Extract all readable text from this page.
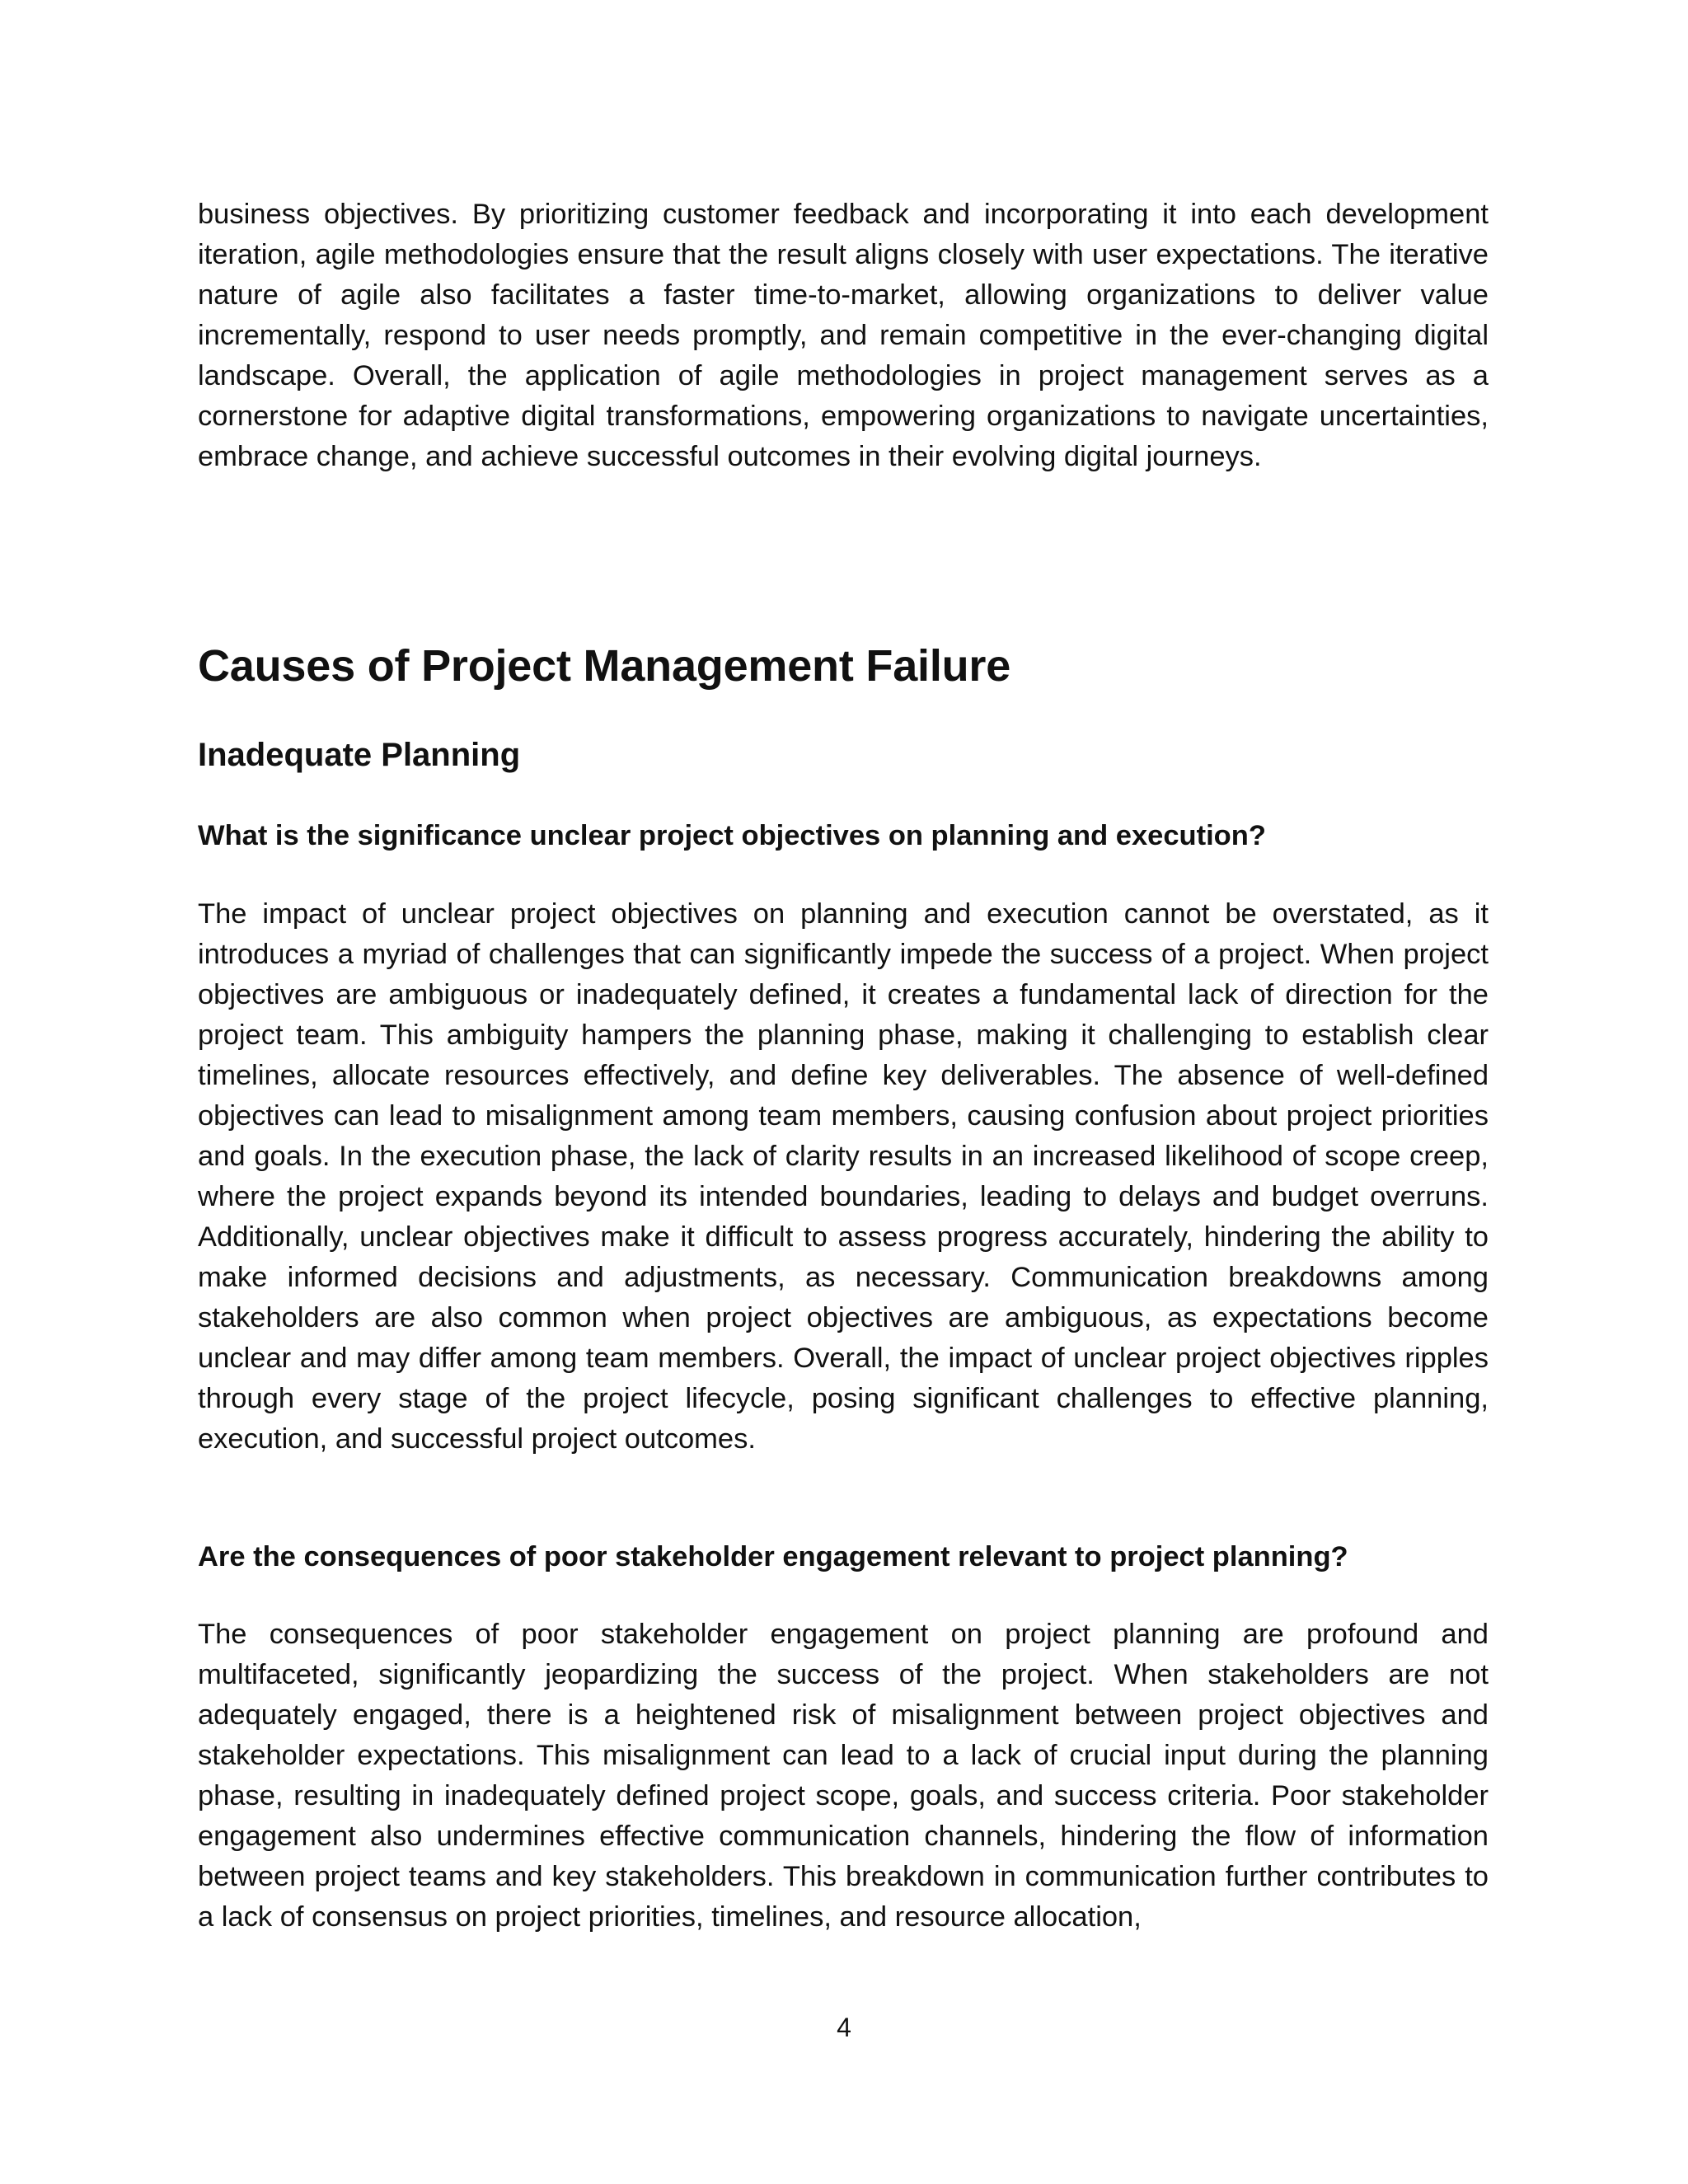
business objectives. By prioritizing customer feedback and incorporating it into each development iteration, agile methodologies ensure that the result aligns closely with user expectations. The iterative nature of agile also facilitates a faster time-to-market, allowing organizations to deliver value incrementally, respond to user needs promptly, and remain competitive in the ever-changing digital landscape. Overall, the application of agile methodologies in project management serves as a cornerstone for adaptive digital transformations, empowering organizations to navigate uncertainties, embrace change, and achieve successful outcomes in their evolving digital journeys.

Causes of Project Management Failure
Inadequate Planning
What is the significance unclear project objectives on planning and execution?

The impact of unclear project objectives on planning and execution cannot be overstated, as it introduces a myriad of challenges that can significantly impede the success of a project. When project objectives are ambiguous or inadequately defined, it creates a fundamental lack of direction for the project team. This ambiguity hampers the planning phase, making it challenging to establish clear timelines, allocate resources effectively, and define key deliverables. The absence of well-defined objectives can lead to misalignment among team members, causing confusion about project priorities and goals. In the execution phase, the lack of clarity results in an increased likelihood of scope creep, where the project expands beyond its intended boundaries, leading to delays and budget overruns. Additionally, unclear objectives make it difficult to assess progress accurately, hindering the ability to make informed decisions and adjustments, as necessary. Communication breakdowns among stakeholders are also common when project objectives are ambiguous, as expectations become unclear and may differ among team members. Overall, the impact of unclear project objectives ripples through every stage of the project lifecycle, posing significant challenges to effective planning, execution, and successful project outcomes.

Are the consequences of poor stakeholder engagement relevant to project planning?

The consequences of poor stakeholder engagement on project planning are profound and multifaceted, significantly jeopardizing the success of the project. When stakeholders are not adequately engaged, there is a heightened risk of misalignment between project objectives and stakeholder expectations. This misalignment can lead to a lack of crucial input during the planning phase, resulting in inadequately defined project scope, goals, and success criteria. Poor stakeholder engagement also undermines effective communication channels, hindering the flow of information between project teams and key stakeholders. This breakdown in communication further contributes to a lack of consensus on project priorities, timelines, and resource allocation,

4
